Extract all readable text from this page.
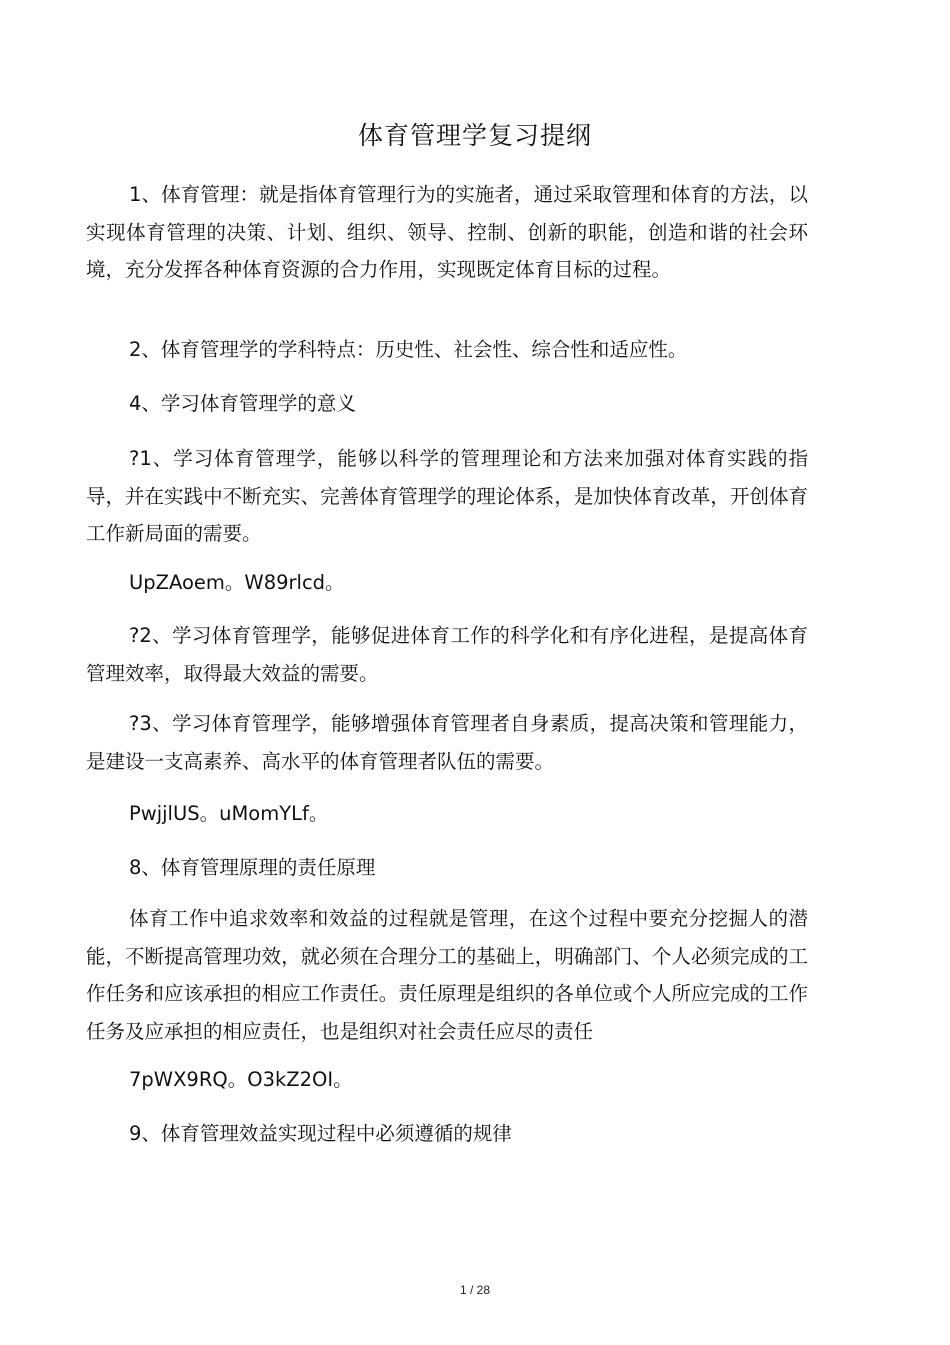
体育管理学复习提纲

1、体育管理：就是指体育管理行为的实施者，通过采取管理和体育的方法，以实现体育管理的决策、计划、组织、领导、控制、创新的职能，创造和谐的社会环境，充分发挥各种体育资源的合力作用，实现既定体育目标的过程。

2、体育管理学的学科特点：历史性、社会性、综合性和适应性。

4、学习体育管理学的意义

?1、学习体育管理学，能够以科学的管理理论和方法来加强对体育实践的指导，并在实践中不断充实、完善体育管理学的理论体系，是加快体育改革，开创体育工作新局面的需要。

UpZAoem。W89rlcd。

?2、学习体育管理学，能够促进体育工作的科学化和有序化进程，是提高体育管理效率，取得最大效益的需要。

?3、学习体育管理学，能够增强体育管理者自身素质，提高决策和管理能力，是建设一支高素养、高水平的体育管理者队伍的需要。

PwjjlUS。uMomYLf。

8、体育管理原理的责任原理

体育工作中追求效率和效益的过程就是管理，在这个过程中要充分挖掘人的潜能，不断提高管理功效，就必须在合理分工的基础上，明确部门、个人必须完成的工作任务和应该承担的相应工作责任。责任原理是组织的各单位或个人所应完成的工作任务及应承担的相应责任，也是组织对社会责任应尽的责任

7pWX9RQ。O3kZ2OI。

9、体育管理效益实现过程中必须遵循的规律

1 / 28
